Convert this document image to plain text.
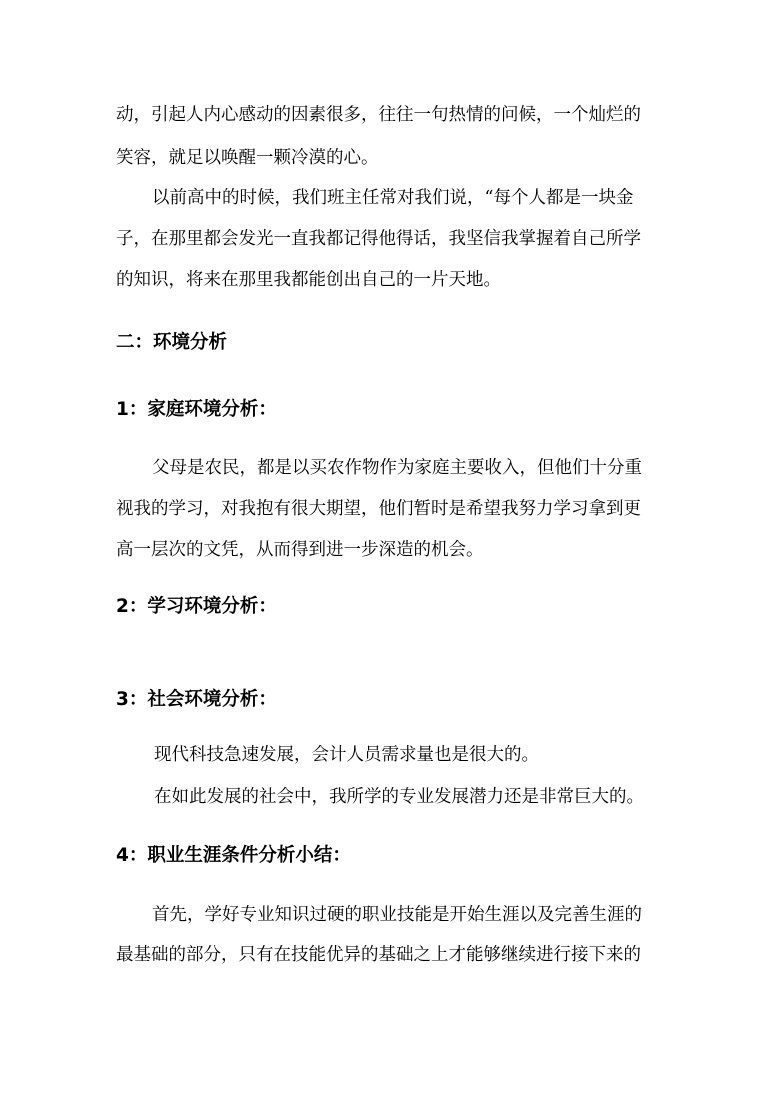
动，引起人内心感动的因素很多，往往一句热情的问候，一个灿烂的
笑容，就足以唤醒一颗冷漠的心。
以前高中的时候，我们班主任常对我们说，“每个人都是一块金
子，在那里都会发光一直我都记得他得话，我坚信我掌握着自己所学
的知识，将来在那里我都能创出自己的一片天地。
二：环境分析
1：家庭环境分析：
父母是农民，都是以买农作物作为家庭主要收入，但他们十分重
视我的学习，对我抱有很大期望，他们暂时是希望我努力学习拿到更
高一层次的文凭，从而得到进一步深造的机会。
2：学习环境分析：
3：社会环境分析：
现代科技急速发展，会计人员需求量也是很大的。
在如此发展的社会中，我所学的专业发展潜力还是非常巨大的。
4：职业生涯条件分析小结：
首先，学好专业知识过硬的职业技能是开始生涯以及完善生涯的
最基础的部分，只有在技能优异的基础之上才能够继续进行接下来的
